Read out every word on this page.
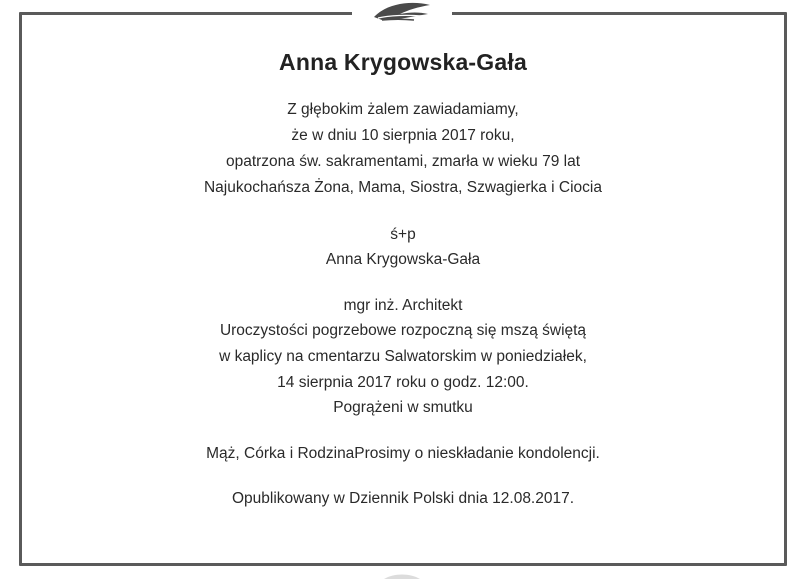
Anna Krygowska-Gała
Z głębokim żalem zawiadamiamy,
że w dniu 10 sierpnia 2017 roku,
opatrzona św. sakramentami, zmarła w wieku 79 lat
Najukochańsza Żona, Mama, Siostra, Szwagierka i Ciocia
ś+p
Anna Krygowska-Gała
mgr inż. Architekt
Uroczystości pogrzebowe rozpoczną się mszą świętą
w kaplicy na cmentarzu Salwatorskim w poniedziałek,
14 sierpnia 2017 roku o godz. 12:00.
Pogrążeni w smutku
Mąż, Córka i RodzinaProsimy o nieskładanie kondolencji.
Opublikowany w Dziennik Polski dnia 12.08.2017.
